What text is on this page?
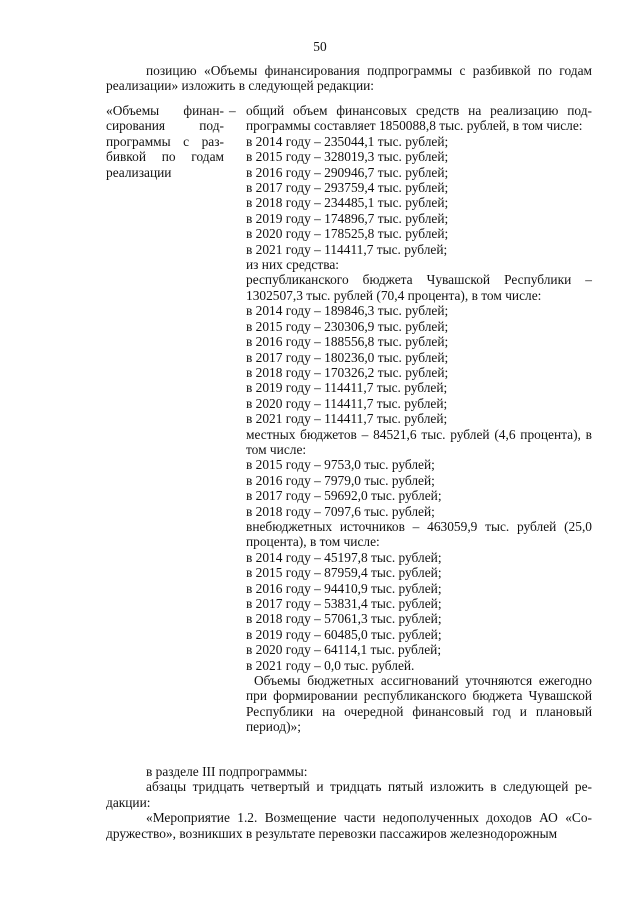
50

позицию «Объемы финансирования подпрограммы с разбивкой по годам

реализации» изложить в следующей редакции:

«Объемы финансирования подпрограммы с разбивкой по годам реализации
– общий объем финансовых средств на реализацию подпрограммы составляет 1850088,8 тыс. рублей, в том числе:
в 2014 году – 235044,1 тыс. рублей;
в 2015 году – 328019,3 тыс. рублей;
в 2016 году – 290946,7 тыс. рублей;
в 2017 году – 293759,4 тыс. рублей;
в 2018 году – 234485,1 тыс. рублей;
в 2019 году – 174896,7 тыс. рублей;
в 2020 году – 178525,8 тыс. рублей;
в 2021 году – 114411,7 тыс. рублей;
из них средства:
республиканского бюджета Чувашской Республики – 1302507,3 тыс. рублей (70,4 процента), в том числе:
в 2014 году – 189846,3 тыс. рублей;
в 2015 году – 230306,9 тыс. рублей;
в 2016 году – 188556,8 тыс. рублей;
в 2017 году – 180236,0 тыс. рублей;
в 2018 году – 170326,2 тыс. рублей;
в 2019 году – 114411,7 тыс. рублей;
в 2020 году – 114411,7 тыс. рублей;
в 2021 году – 114411,7 тыс. рублей;
местных бюджетов – 84521,6 тыс. рублей (4,6 процента), в том числе:
в 2015 году – 9753,0 тыс. рублей;
в 2016 году – 7979,0 тыс. рублей;
в 2017 году – 59692,0 тыс. рублей;
в 2018 году – 7097,6 тыс. рублей;
внебюджетных источников – 463059,9 тыс. рублей (25,0 процента), в том числе:
в 2014 году – 45197,8 тыс. рублей;
в 2015 году – 87959,4 тыс. рублей;
в 2016 году – 94410,9 тыс. рублей;
в 2017 году – 53831,4 тыс. рублей;
в 2018 году – 57061,3 тыс. рублей;
в 2019 году – 60485,0 тыс. рублей;
в 2020 году – 64114,1 тыс. рублей;
в 2021 году – 0,0 тыс. рублей.
Объемы бюджетных ассигнований уточняются ежегодно при формировании республиканского бюджета Чувашской Республики на очередной финансовый год и плановый период)»;

в разделе III подпрограммы:

абзацы тридцать четвертый и тридцать пятый изложить в следующей редакции:

«Мероприятие 1.2. Возмещение части недополученных доходов АО «Содружество», возникших в результате перевозки пассажиров железнодорожным
